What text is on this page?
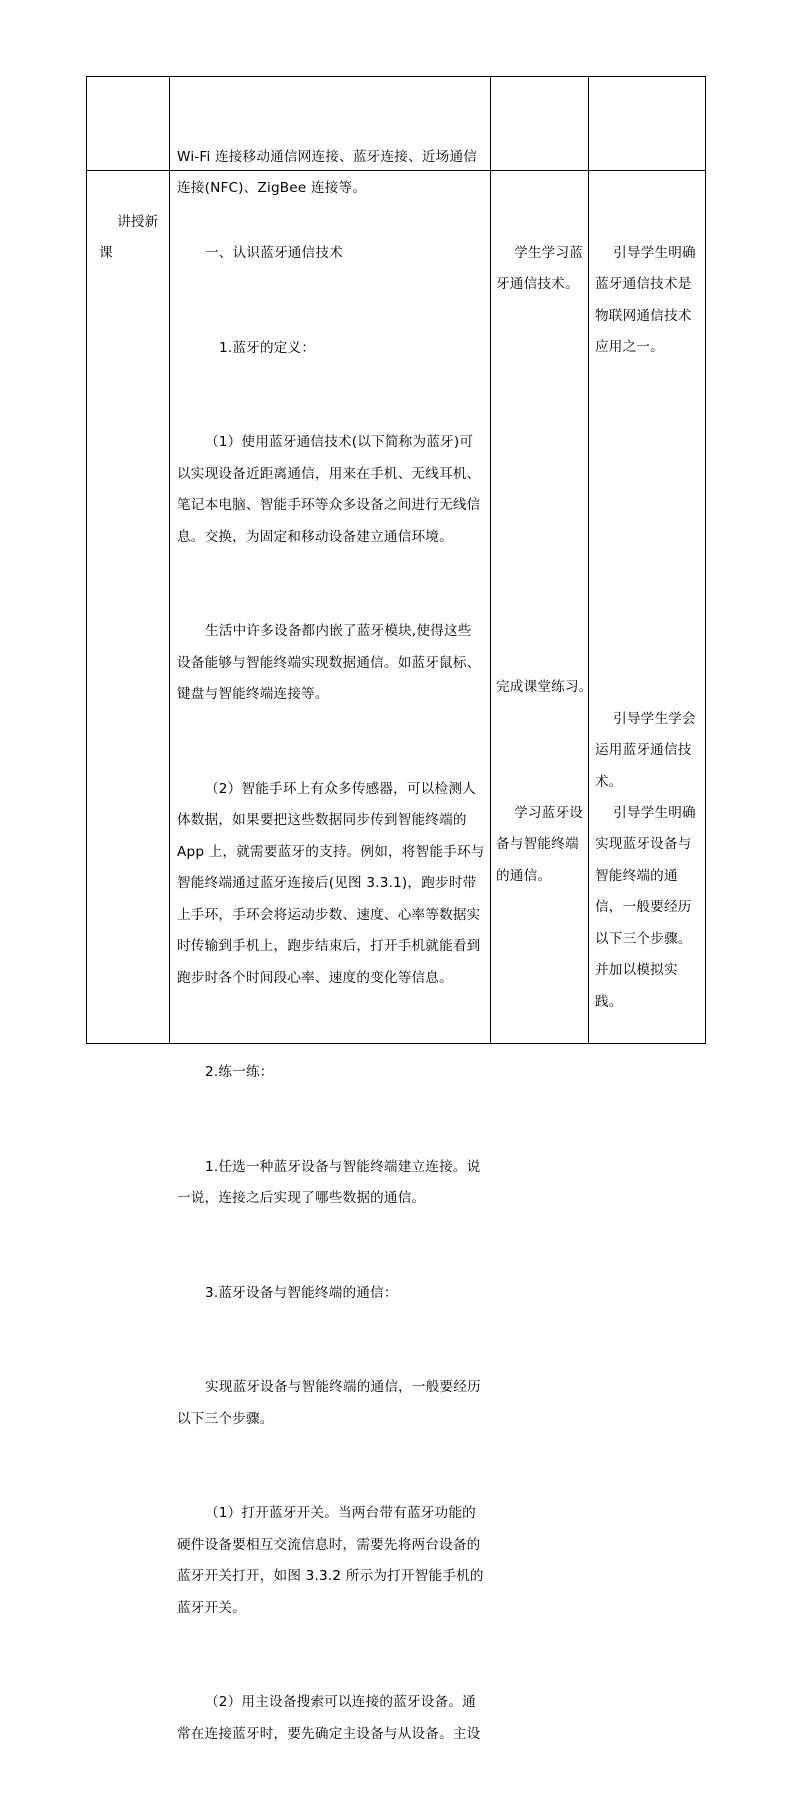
Wi-Fi 连接移动通信网连接、蓝牙连接、近场通信连接(NFC)、ZigBee 连接等。

讲授新课

	一、认识蓝牙通信技术

1.蓝牙的定义：

（1）使用蓝牙通信技术(以下简称为蓝牙)可以实现设备近距离通信，用来在手机、无线耳机、笔记本电脑、智能手环等众多设备之间进行无线信息。交换，为固定和移动设备建立通信环境。

生活中许多设备都内嵌了蓝牙模块,使得这些设备能够与智能终端实现数据通信。如蓝牙鼠标、键盘与智能终端连接等。

（2）智能手环上有众多传感器，可以检测人体数据，如果要把这些数据同步传到智能终端的 App 上，就需要蓝牙的支持。例如，将智能手环与智能终端通过蓝牙连接后(见图 3.3.1)，跑步时带上手环，手环会将运动步数、速度、心率等数据实时传输到手机上，跑步结束后，打开手机就能看到跑步时各个时间段心率、速度的变化等信息。

2.练一练：

1.任选一种蓝牙设备与智能终端建立连接。说一说，连接之后实现了哪些数据的通信。

3.蓝牙设备与智能终端的通信：

实现蓝牙设备与智能终端的通信，一般要经历以下三个步骤。

（1）打开蓝牙开关。当两台带有蓝牙功能的硬件设备要相互交流信息时，需要先将两台设备的蓝牙开关打开，如图 3.3.2 所示为打开智能手机的蓝牙开关。

（2）用主设备搜索可以连接的蓝牙设备。通常在连接蓝牙时，要先确定主设备与从设备。主设

学生学习蓝牙通信技术。

完成课堂练习。

学习蓝牙设备与智能终端的通信。

引导学生明确蓝牙通信技术是物联网通信技术应用之一。

引导学生学会运用蓝牙通信技术。

引导学生明确实现蓝牙设备与智能终端的通信，一般要经历以下三个步骤。并加以模拟实践。
